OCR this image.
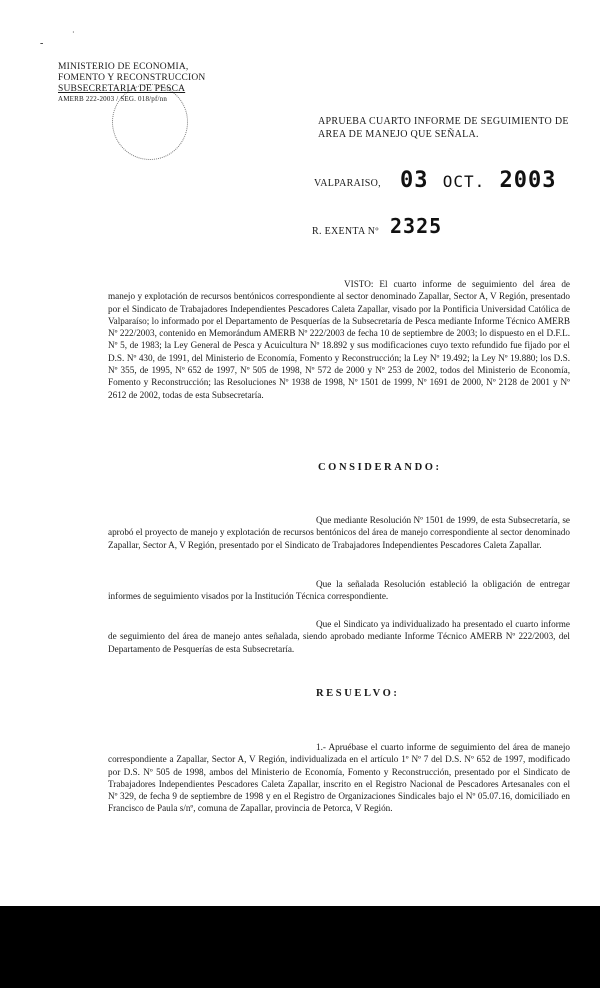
-
·
MINISTERIO DE ECONOMIA,
FOMENTO Y RECONSTRUCCION
SUBSECRETARIA DE PESCA
AMERB 222-2003 / SEG. 018/pf/nn
APRUEBA CUARTO INFORME DE SEGUIMIENTO DE AREA DE MANEJO QUE SEÑALA.
VALPARAISO, 03 OCT. 2003
R. EXENTA Nº 2325
VISTO: El cuarto informe de seguimiento del área de manejo y explotación de recursos bentónicos correspondiente al sector denominado Zapallar, Sector A, V Región, presentado por el Sindicato de Trabajadores Independientes Pescadores Caleta Zapallar, visado por la Pontificia Universidad Católica de Valparaíso; lo informado por el Departamento de Pesquerías de la Subsecretaría de Pesca mediante Informe Técnico AMERB Nº 222/2003, contenido en Memorándum AMERB Nº 222/2003 de fecha 10 de septiembre de 2003; lo dispuesto en el D.F.L. Nº 5, de 1983; la Ley General de Pesca y Acuicultura Nº 18.892 y sus modificaciones cuyo texto refundido fue fijado por el D.S. Nº 430, de 1991, del Ministerio de Economía, Fomento y Reconstrucción; la Ley Nº 19.492; la Ley Nº 19.880; los D.S. Nº 355, de 1995, Nº 652 de 1997, Nº 505 de 1998, Nº 572 de 2000 y Nº 253 de 2002, todos del Ministerio de Economía, Fomento y Reconstrucción; las Resoluciones Nº 1938 de 1998, Nº 1501 de 1999, Nº 1691 de 2000, Nº 2128 de 2001 y Nº 2612 de 2002, todas de esta Subsecretaría.
CONSIDERANDO:
Que mediante Resolución Nº 1501 de 1999, de esta Subsecretaría, se aprobó el proyecto de manejo y explotación de recursos bentónicos del área de manejo correspondiente al sector denominado Zapallar, Sector A, V Región, presentado por el Sindicato de Trabajadores Independientes Pescadores Caleta Zapallar.
Que la señalada Resolución estableció la obligación de entregar informes de seguimiento visados por la Institución Técnica correspondiente.
Que el Sindicato ya individualizado ha presentado el cuarto informe de seguimiento del área de manejo antes señalada, siendo aprobado mediante Informe Técnico AMERB Nº 222/2003, del Departamento de Pesquerías de esta Subsecretaría.
RESUELVO:
1.- Apruébase el cuarto informe de seguimiento del área de manejo correspondiente a Zapallar, Sector A, V Región, individualizada en el artículo 1º Nº 7 del D.S. Nº 652 de 1997, modificado por D.S. Nº 505 de 1998, ambos del Ministerio de Economía, Fomento y Reconstrucción, presentado por el Sindicato de Trabajadores Independientes Pescadores Caleta Zapallar, inscrito en el Registro Nacional de Pescadores Artesanales con el Nº 329, de fecha 9 de septiembre de 1998 y en el Registro de Organizaciones Sindicales bajo el Nº 05.07.16, domiciliado en Francisco de Paula s/nº, comuna de Zapallar, provincia de Petorca, V Región.
